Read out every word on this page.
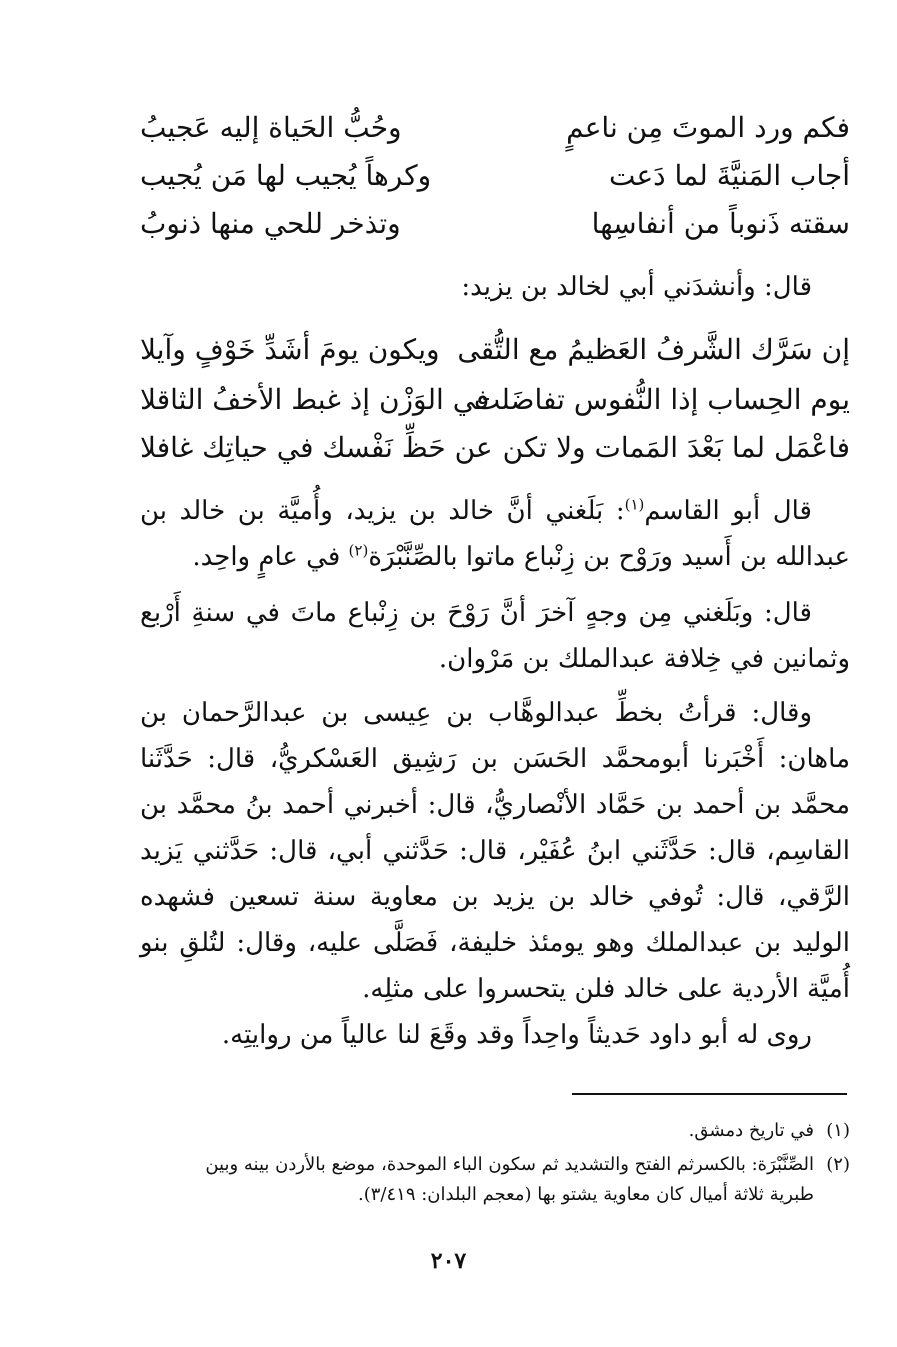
فكم ورد الموتَ مِن ناعمٍ
وحُبُّ الحَياة إليه عَجيبُ
أجاب المَنيَّةَ لما دَعت
وكرهاً يُجيب لها مَن يُجيب
سقته ذَنوباً من أنفاسِها
وتذخر للحي منها ذنوبُ
قال: وأنشدَني أبي لخالد بن يزيد:
إن سَرَّك الشَّرفُ العَظيمُ مع التُّقى
ويكون يومَ أشَدِّ خَوْفٍ وآيلا
يوم الحِساب إذا النُّفوس تفاضَلت
في الوَزْن إذ غبط الأخفُ الثاقلا
فاعْمَل لما بَعْدَ المَمات ولا تكن
عن حَظِّ نَفْسك في حياتِك غافلا
قال أبو القاسم$^{(١)}$: بَلَغني أنَّ خالد بن يزيد، وأُميَّة بن خالد بن عبدالله بن أَسيد ورَوْح بن زِنْباع ماتوا بالصِّنَّبْرَة$^{(٢)}$ في عامٍ واحِد.
قال: وبَلَغني مِن وجهٍ آخرَ أنَّ رَوْحَ بن زِنْباع ماتَ في سنةِ أَرْبع وثمانين في خِلافة عبدالملك بن مَرْوان.
وقال: قرأتُ بخطِّ عبدالوهَّاب بن عِيسى بن عبدالرَّحمان بن ماهان: أَخْبَرنا أبومحمَّد الحَسَن بن رَشِيق العَسْكريُّ، قال: حَدَّثَنا محمَّد بن أحمد بن حَمَّاد الأنْصاريُّ، قال: أخبرني أحمد بنُ محمَّد بن القاسِم، قال: حَدَّثَني ابنُ عُفَيْر، قال: حَدَّثني أبي، قال: حَدَّثني يَزيد الرَّقي، قال: تُوفي خالد بن يزيد بن معاوية سنة تسعين فشهده الوليد بن عبدالملك وهو يومئذ خليفة، فَصَلَّى عليه، وقال: لتُلقِ بنو أُميَّة الأردية على خالد فلن يتحسروا على مثلِه.
روى له أبو داود حَديثاً واحِداً وقد وقَعَ لنا عالياً من روايتِه.
(١)في تاريخ دمشق.
(٢)الصِّنَّبْرَة: بالكسرثم الفتح والتشديد ثم سكون الباء الموحدة، موضع بالأردن بينه وبين
طبرية ثلاثة أميال كان معاوية يشتو بها (معجم البلدان: ٣/٤١٩).
٢٠٧
